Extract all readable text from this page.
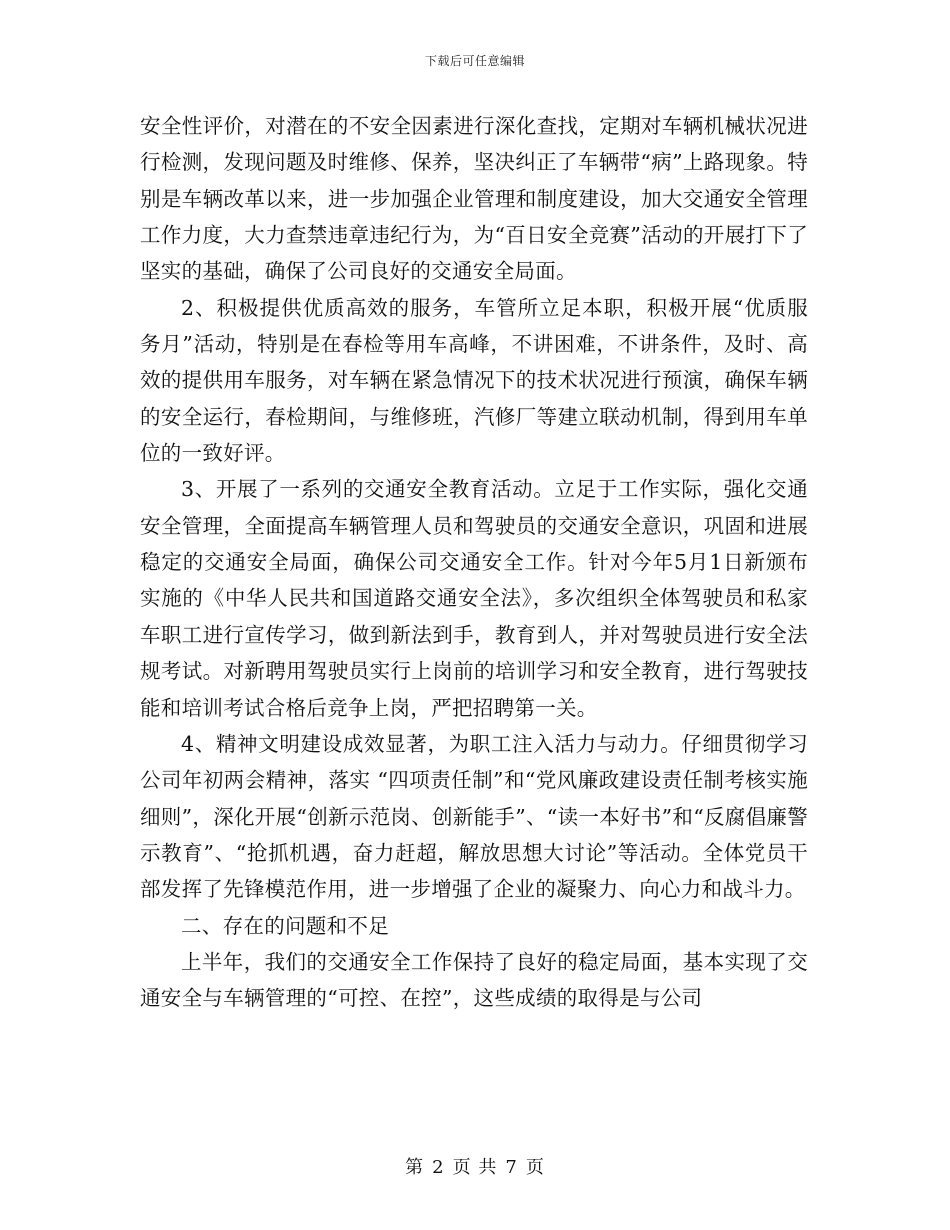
下载后可任意编辑

安全性评价，对潜在的不安全因素进行深化查找，定期对车辆机械状况进行检测，发现问题及时维修、保养，坚决纠正了车辆带“病”上路现象。特别是车辆改革以来，进一步加强企业管理和制度建设，加大交通安全管理工作力度，大力查禁违章违纪行为，为“百日安全竞赛”活动的开展打下了坚实的基础，确保了公司良好的交通安全局面。

2、积极提供优质高效的服务，车管所立足本职，积极开展“优质服务月”活动，特别是在春检等用车高峰，不讲困难，不讲条件，及时、高效的提供用车服务，对车辆在紧急情况下的技术状况进行预演，确保车辆的安全运行，春检期间，与维修班，汽修厂等建立联动机制，得到用车单位的一致好评。

3、开展了一系列的交通安全教育活动。立足于工作实际，强化交通安全管理，全面提高车辆管理人员和驾驶员的交通安全意识，巩固和进展稳定的交通安全局面，确保公司交通安全工作。针对今年5月1日新颁布实施的《中华人民共和国道路交通安全法》，多次组织全体驾驶员和私家车职工进行宣传学习，做到新法到手，教育到人，并对驾驶员进行安全法规考试。对新聘用驾驶员实行上岗前的培训学习和安全教育，进行驾驶技能和培训考试合格后竞争上岗，严把招聘第一关。

4、精神文明建设成效显著，为职工注入活力与动力。仔细贯彻学习公司年初两会精神，落实 “四项责任制”和“党风廉政建设责任制考核实施细则”，深化开展“创新示范岗、创新能手”、“读一本好书”和“反腐倡廉警示教育”、“抢抓机遇，奋力赶超，解放思想大讨论”等活动。全体党员干部发挥了先锋模范作用，进一步增强了企业的凝聚力、向心力和战斗力。

二、存在的问题和不足

上半年，我们的交通安全工作保持了良好的稳定局面，基本实现了交通安全与车辆管理的“可控、在控”，这些成绩的取得是与公司

第 2 页 共 7 页
